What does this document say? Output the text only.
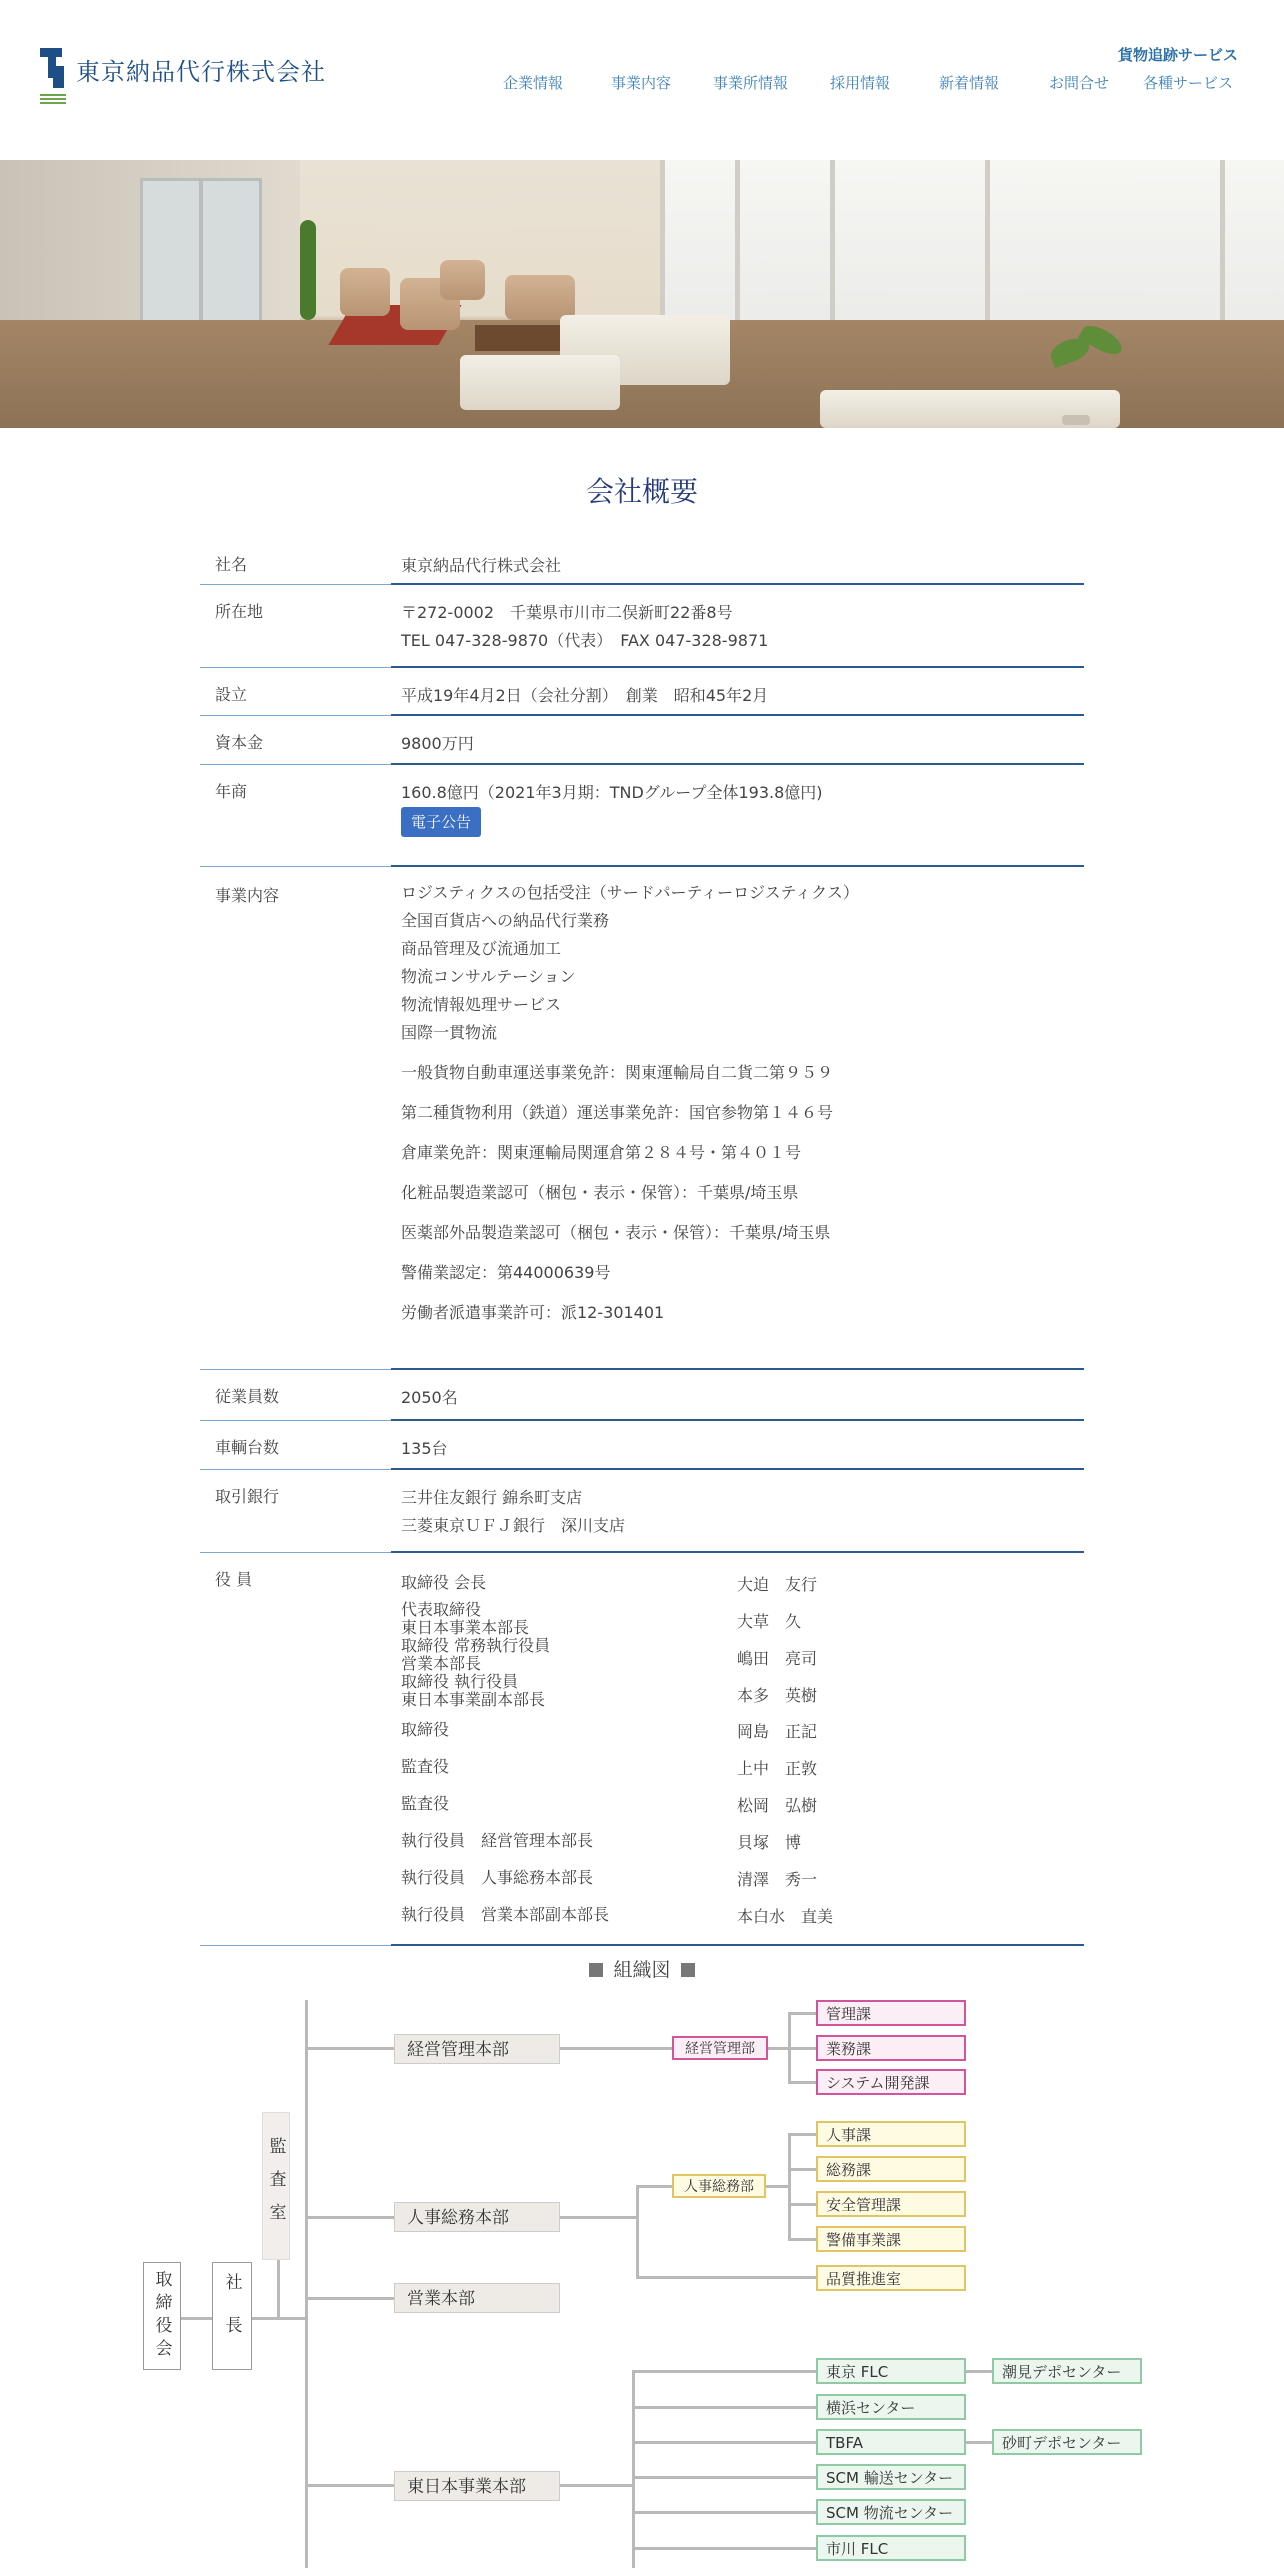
東京納品代行株式会社
貨物追跡サービス
企業情報	事業内容	事業所情報	採用情報	新着情報	お問合せ 各種サービス
会社概要
社名	東京納品代行株式会社
所在地	〒272-0002　千葉県市川市二俣新町22番8号
TEL 047-328-9870（代表）　FAX 047-328-9871
設立	平成19年4月2日（会社分割）　創業　昭和45年2月
資本金	9800万円
年商	160.8億円（2021年3月期：TNDグループ全体193.8億円)
電子公告
事業内容	ロジスティクスの包括受注（サードパーティーロジスティクス）
全国百貨店への納品代行業務
商品管理及び流通加工
物流コンサルテーション
物流情報処理サービス
国際一貫物流
一般貨物自動車運送事業免許：関東運輸局自二貨二第９５９
第二種貨物利用（鉄道）運送事業免許：国官参物第１４６号
倉庫業免許：関東運輸局関運倉第２８４号・第４０１号
化粧品製造業認可（梱包・表示・保管）：千葉県/埼玉県
医薬部外品製造業認可（梱包・表示・保管）：千葉県/埼玉県
警備業認定：第44000639号
労働者派遣事業許可：派12-301401
従業員数	2050名
車輌台数	135台
取引銀行	三井住友銀行 錦糸町支店
三菱東京ＵＦＪ銀行　深川支店
役 員	取締役 会長	大迫　友行
代表取締役
東日本事業本部長	大草　久
取締役 常務執行役員
営業本部長	嶋田　亮司
取締役 執行役員
東日本事業副本部長	本多　英樹
取締役	岡島　正記
監査役	上中　正敦
監査役	松岡　弘樹
執行役員　経営管理本部長	貝塚　博
執行役員　人事総務本部長	清澤　秀一
執行役員　営業本部副本部長	本白水　直美
組織図
取締役会	社長
監査室
経営管理本部
人事総務本部
営業本部
東日本事業本部
経営管理部
管理課
業務課
システム開発課
人事総務部
人事課
総務課
安全管理課
警備事業課
品質推進室
東京 FLC
横浜センター
TBFA
SCM 輸送センター
SCM 物流センター
市川 FLC
潮見デポセンター
砂町デポセンター
